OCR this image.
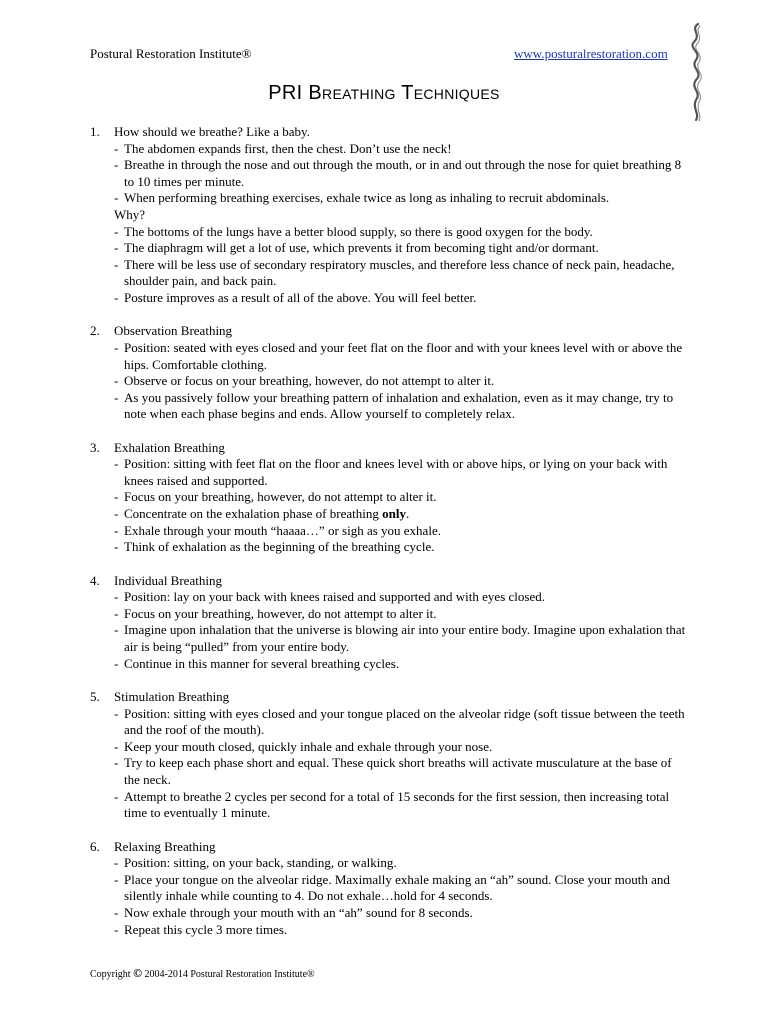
Postural Restoration Institute®	www.posturalrestoration.com
PRI Breathing Techniques
1.	How should we breathe? Like a baby.
- The abdomen expands first, then the chest. Don’t use the neck!
- Breathe in through the nose and out through the mouth, or in and out through the nose for quiet breathing 8 to 10 times per minute.
- When performing breathing exercises, exhale twice as long as inhaling to recruit abdominals.
Why?
- The bottoms of the lungs have a better blood supply, so there is good oxygen for the body.
- The diaphragm will get a lot of use, which prevents it from becoming tight and/or dormant.
- There will be less use of secondary respiratory muscles, and therefore less chance of neck pain, headache, shoulder pain, and back pain.
- Posture improves as a result of all of the above. You will feel better.
2.	Observation Breathing
- Position: seated with eyes closed and your feet flat on the floor and with your knees level with or above the hips. Comfortable clothing.
- Observe or focus on your breathing, however, do not attempt to alter it.
- As you passively follow your breathing pattern of inhalation and exhalation, even as it may change, try to note when each phase begins and ends. Allow yourself to completely relax.
3.	Exhalation Breathing
- Position: sitting with feet flat on the floor and knees level with or above hips, or lying on your back with knees raised and supported.
- Focus on your breathing, however, do not attempt to alter it.
- Concentrate on the exhalation phase of breathing only.
- Exhale through your mouth “haaaa…” or sigh as you exhale.
- Think of exhalation as the beginning of the breathing cycle.
4.	Individual Breathing
- Position: lay on your back with knees raised and supported and with eyes closed.
- Focus on your breathing, however, do not attempt to alter it.
- Imagine upon inhalation that the universe is blowing air into your entire body. Imagine upon exhalation that air is being “pulled” from your entire body.
- Continue in this manner for several breathing cycles.
5.	Stimulation Breathing
- Position: sitting with eyes closed and your tongue placed on the alveolar ridge (soft tissue between the teeth and the roof of the mouth).
- Keep your mouth closed, quickly inhale and exhale through your nose.
- Try to keep each phase short and equal. These quick short breaths will activate musculature at the base of the neck.
- Attempt to breathe 2 cycles per second for a total of 15 seconds for the first session, then increasing total time to eventually 1 minute.
6.	Relaxing Breathing
- Position: sitting, on your back, standing, or walking.
- Place your tongue on the alveolar ridge. Maximally exhale making an “ah” sound. Close your mouth and silently inhale while counting to 4. Do not exhale…hold for 4 seconds.
- Now exhale through your mouth with an “ah” sound for 8 seconds.
- Repeat this cycle 3 more times.
Copyright © 2004-2014 Postural Restoration Institute®
